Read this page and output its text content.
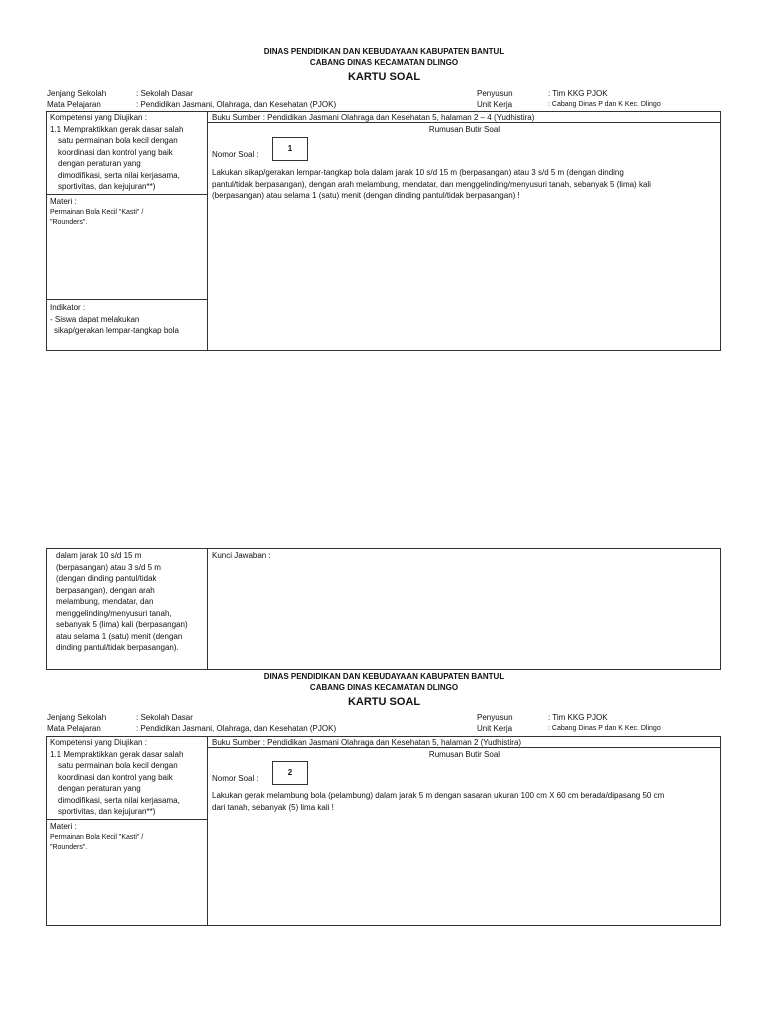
DINAS PENDIDIKAN DAN KEBUDAYAAN KABUPATEN BANTUL
CABANG DINAS KECAMATAN DLINGO
KARTU SOAL
Jenjang Sekolah	: Sekolah Dasar
Mata Pelajaran	: Pendidikan Jasmani, Olahraga, dan Kesehatan (PJOK)
Penyusun	: Tim KKG PJOK
Unit Kerja	: Cabang Dinas P dan K Kec. Dlingo
Kompetensi yang Diujikan :
1.1 Mempraktikkan gerak dasar salah
satu permainan bola kecil dengan
koordinasi dan kontrol yang baik
dengan peraturan yang
dimodifikasi, serta nilai kerjasama,
sportivitas, dan kejujuran**)
Materi :
Permainan Bola Kecil "Kasti" /
"Rounders".
Indikator :
- Siswa dapat melakukan
sikap/gerakan lempar-tangkap bola
Buku Sumber : Pendidikan Jasmani Olahraga dan Kesehatan 5, halaman 2 – 4 (Yudhistira)
Rumusan Butir Soal
Nomor Soal :
1
Lakukan sikap/gerakan lempar-tangkap bola dalam jarak 10 s/d 15 m (berpasangan) atau 3 s/d 5 m (dengan dinding
pantul/tidak berpasangan), dengan arah melambung, mendatar, dan menggelinding/menyusuri tanah, sebanyak 5 (lima) kali
(berpasangan) atau selama 1 (satu) menit (dengan dinding pantul/tidak berpasangan) !
dalam jarak 10 s/d 15 m
(berpasangan) atau 3 s/d 5 m
(dengan dinding pantul/tidak
berpasangan), dengan arah
melambung, mendatar, dan
menggelinding/menyusuri tanah,
sebanyak 5 (lima) kali (berpasangan)
atau selama 1 (satu) menit (dengan
dinding pantul/tidak berpasangan).
Kunci Jawaban :
DINAS PENDIDIKAN DAN KEBUDAYAAN KABUPATEN BANTUL
CABANG DINAS KECAMATAN DLINGO
KARTU SOAL
Jenjang Sekolah	: Sekolah Dasar
Mata Pelajaran	: Pendidikan Jasmani, Olahraga, dan Kesehatan (PJOK)
Penyusun	: Tim KKG PJOK
Unit Kerja	: Cabang Dinas P dan K Kec. Dlingo
Kompetensi yang Diujikan :
1.1 Mempraktikkan gerak dasar salah
satu permainan bola kecil dengan
koordinasi dan kontrol yang baik
dengan peraturan yang
dimodifikasi, serta nilai kerjasama,
sportivitas, dan kejujuran**)
Materi :
Permainan Bola Kecil "Kasti" /
"Rounders".
Buku Sumber : Pendidikan Jasmani Olahraga dan Kesehatan 5, halaman 2 (Yudhistira)
Rumusan Butir Soal
Nomor Soal :
2
Lakukan gerak melambung bola (pelambung) dalam jarak 5 m dengan sasaran ukuran 100 cm X 60 cm berada/dipasang 50 cm
dari tanah, sebanyak (5) lima kali !
